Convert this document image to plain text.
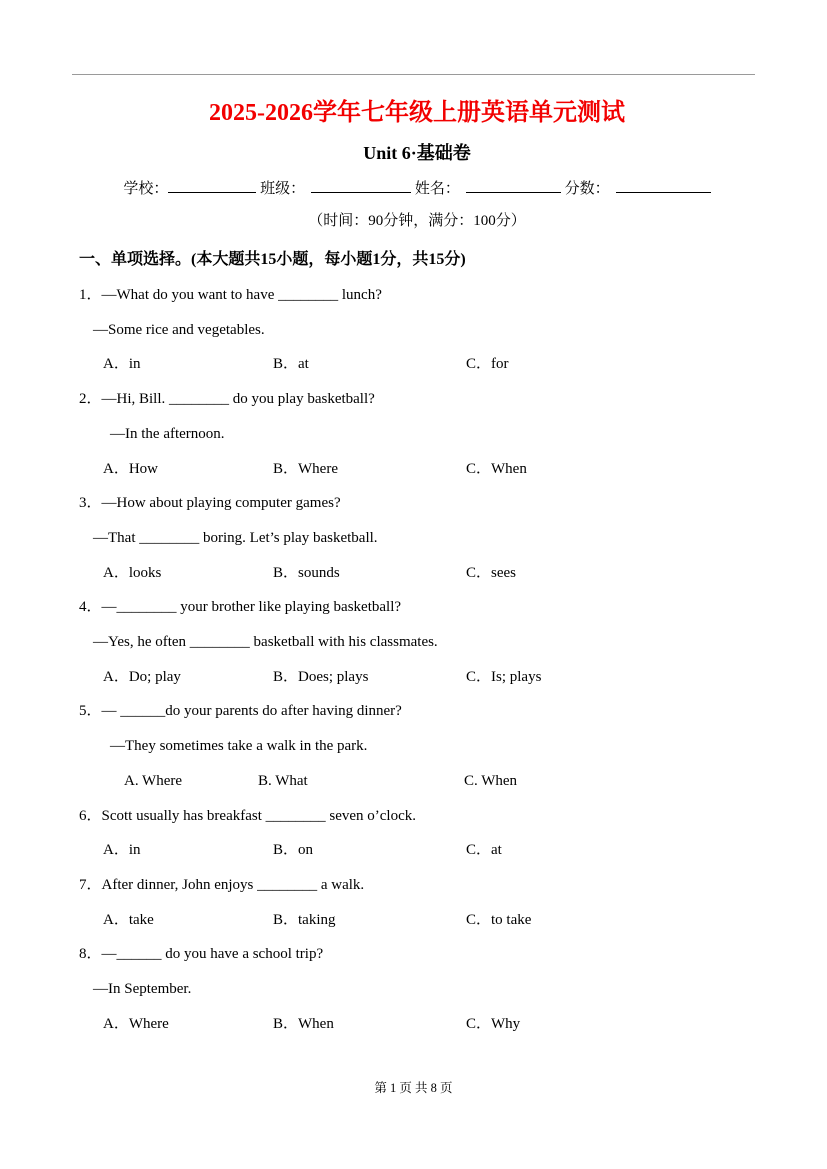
2025-2026学年七年级上册英语单元测试
Unit 6·基础卷
学校：	班级：	姓名：	分数：
（时间：90分钟，满分：100分）
一、单项选择。(本大题共15小题，每小题1分，共15分)
1．—What do you want to have ________ lunch?
—Some rice and vegetables.
A．in	B．at	C．for
2．—Hi, Bill. ________ do you play basketball?
—In the afternoon.
A．How	B．Where	C．When
3．—How about playing computer games?
—That ________ boring. Let’s play basketball.
A．looks	B．sounds	C．sees
4．—________ your brother like playing basketball?
—Yes, he often ________ basketball with his classmates.
A．Do; play	B．Does; plays	C．Is; plays
5．— ______do your parents do after having dinner?
—They sometimes take a walk in the park.
A. Where	B. What	C. When
6．Scott usually has breakfast ________ seven o’clock.
A．in	B．on	C．at
7．After dinner, John enjoys ________ a walk.
A．take	B．taking	C．to take
8．—______ do you have a school trip?
—In September.
A．Where	B．When	C．Why
第 1 页 共 8 页
